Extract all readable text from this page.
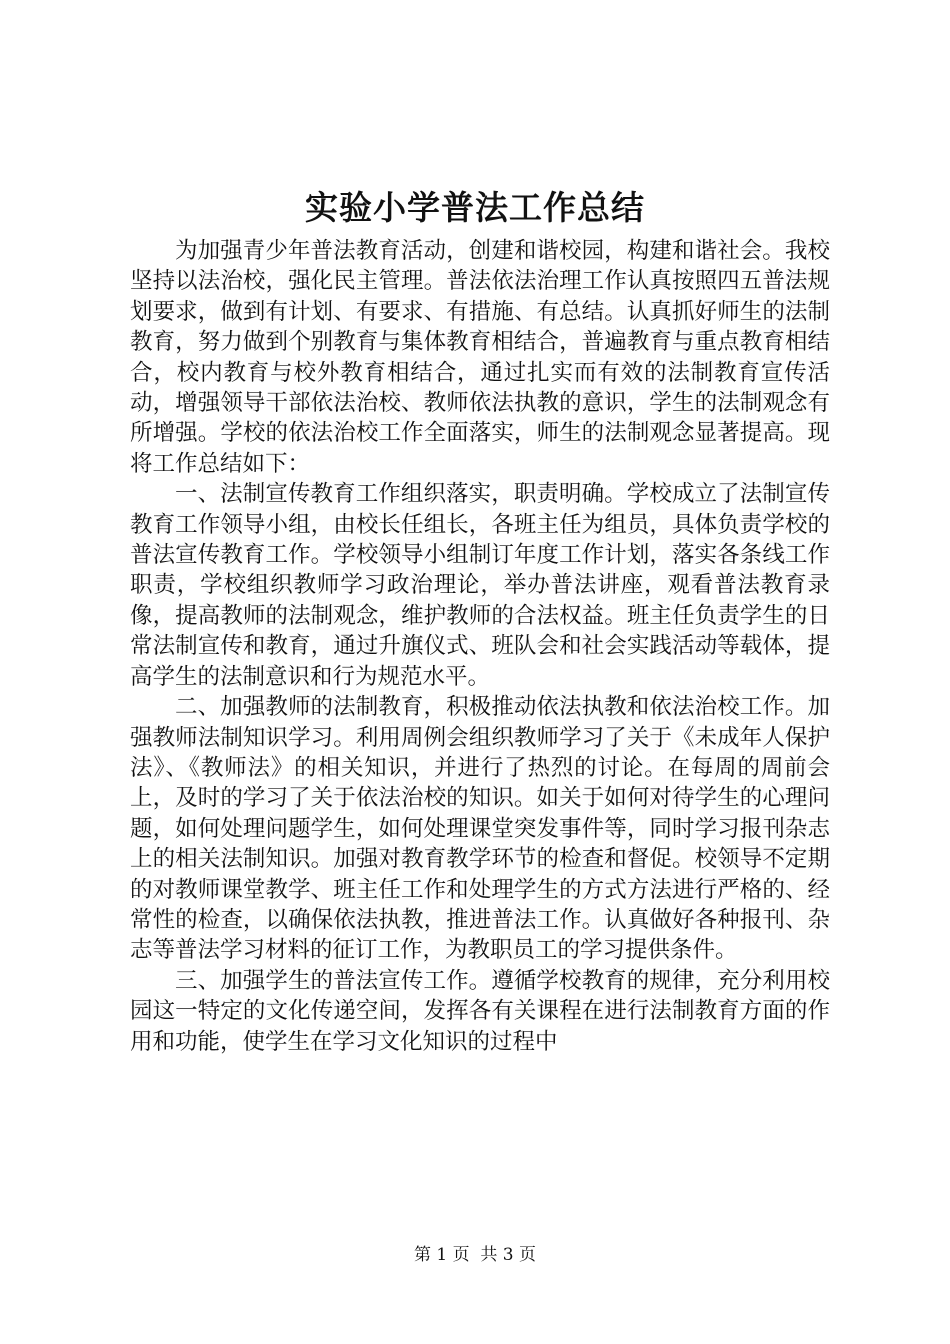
实验小学普法工作总结

为加强青少年普法教育活动，创建和谐校园，构建和谐社会。我校坚持以法治校，强化民主管理。普法依法治理工作认真按照四五普法规划要求，做到有计划、有要求、有措施、有总结。认真抓好师生的法制教育，努力做到个别教育与集体教育相结合，普遍教育与重点教育相结合，校内教育与校外教育相结合，通过扎实而有效的法制教育宣传活动，增强领导干部依法治校、教师依法执教的意识，学生的法制观念有所增强。学校的依法治校工作全面落实，师生的法制观念显著提高。现将工作总结如下：

一、法制宣传教育工作组织落实，职责明确。学校成立了法制宣传教育工作领导小组，由校长任组长，各班主任为组员，具体负责学校的普法宣传教育工作。学校领导小组制订年度工作计划，落实各条线工作职责，学校组织教师学习政治理论，举办普法讲座，观看普法教育录像，提高教师的法制观念，维护教师的合法权益。班主任负责学生的日常法制宣传和教育，通过升旗仪式、班队会和社会实践活动等载体，提高学生的法制意识和行为规范水平。

二、加强教师的法制教育，积极推动依法执教和依法治校工作。加强教师法制知识学习。利用周例会组织教师学习了关于《未成年人保护法》、《教师法》的相关知识，并进行了热烈的讨论。在每周的周前会上，及时的学习了关于依法治校的知识。如关于如何对待学生的心理问题，如何处理问题学生，如何处理课堂突发事件等，同时学习报刊杂志上的相关法制知识。加强对教育教学环节的检查和督促。校领导不定期的对教师课堂教学、班主任工作和处理学生的方式方法进行严格的、经常性的检查，以确保依法执教，推进普法工作。认真做好各种报刊、杂志等普法学习材料的征订工作，为教职员工的学习提供条件。

三、加强学生的普法宣传工作。遵循学校教育的规律，充分利用校园这一特定的文化传递空间，发挥各有关课程在进行法制教育方面的作用和功能，使学生在学习文化知识的过程中

第 1 页  共 3 页
